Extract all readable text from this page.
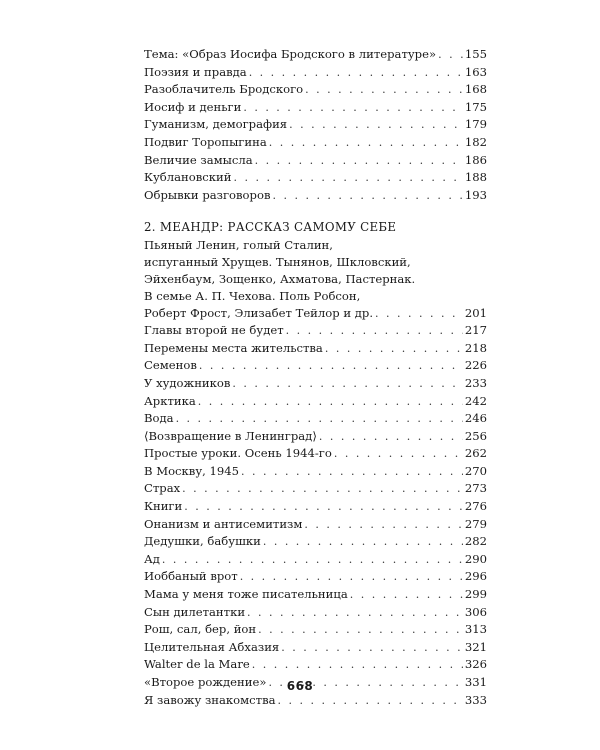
Тема: «Образ Иосифа Бродского в литературе» . . . 155
Поэзия и правда . . .	163
Разоблачитель Бродского . . .	168
Иосиф и деньги . . .	175
Гуманизм, демография . . .	179
Подвиг Торопыгина . . .	182
Величие замысла . . .	186
Кублановский . . .	188
Обрывки разговоров . . .	193
2. МЕАНДР: РАССКАЗ САМОМУ СЕБЕ
Пьяный Ленин, голый Сталин,
испуганный Хрущев. Тынянов, Шкловский,
Эйхенбаум, Зощенко, Ахматова, Пастернак.
В семье А. П. Чехова. Поль Робсон,
Роберт Фрост, Элизабет Тейлор и др. . . .	201
Главы второй не будет . . .	217
Перемены места жительства . . .	218
Семенов . . .	226
У художников . . .	233
Арктика . . .	242
Вода . . .	246
⟨Возвращение в Ленинград⟩ . . .	256
Простые уроки. Осень 1944-го . . .	262
В Москву, 1945 . . .	270
Страх . . .	273
Книги . . .	276
Онанизм и антисемитизм . . .	279
Дедушки, бабушки . . .	282
Ад . . .	290
Иоббаный врот . . .	296
Мама у меня тоже писательница . . .	299
Сын дилетантки . . .	306
Рош, сал, бер, йон . . .	313
Целительная Абхазия . . .	321
Walter de la Mare . . .	326
«Второе рождение» . . .	331
Я завожу знакомства . . .	333
668
